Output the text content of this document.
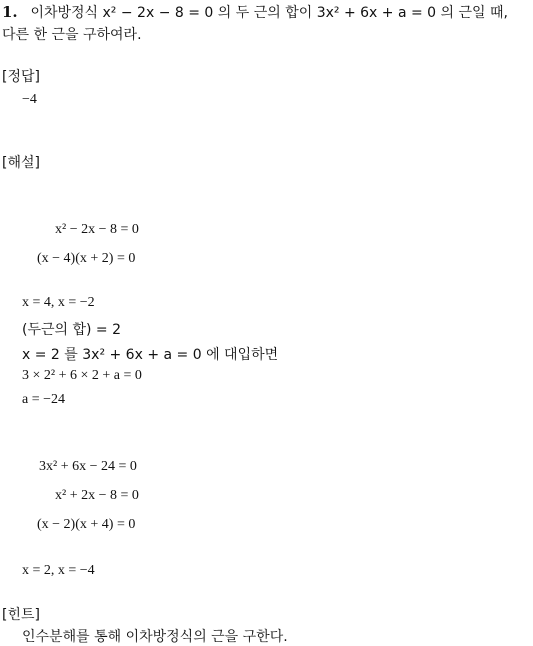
1. 이차방정식 x² − 2x − 8 = 0 의 두 근의 합이 3x² + 6x + a = 0 의 근일 때,
다른 한 근을 구하여라.
[정답]
−4
[해설]
x² − 2x − 8 = 0
(x − 4)(x + 2) = 0
x = 4, x = −2
(두근의 합) = 2
x = 2 를 3x² + 6x + a = 0 에 대입하면
3 × 2² + 6 × 2 + a = 0
a = −24
3x² + 6x − 24 = 0
x² + 2x − 8 = 0
(x − 2)(x + 4) = 0
x = 2, x = −4
[힌트]
인수분해를 통해 이차방정식의 근을 구한다.
